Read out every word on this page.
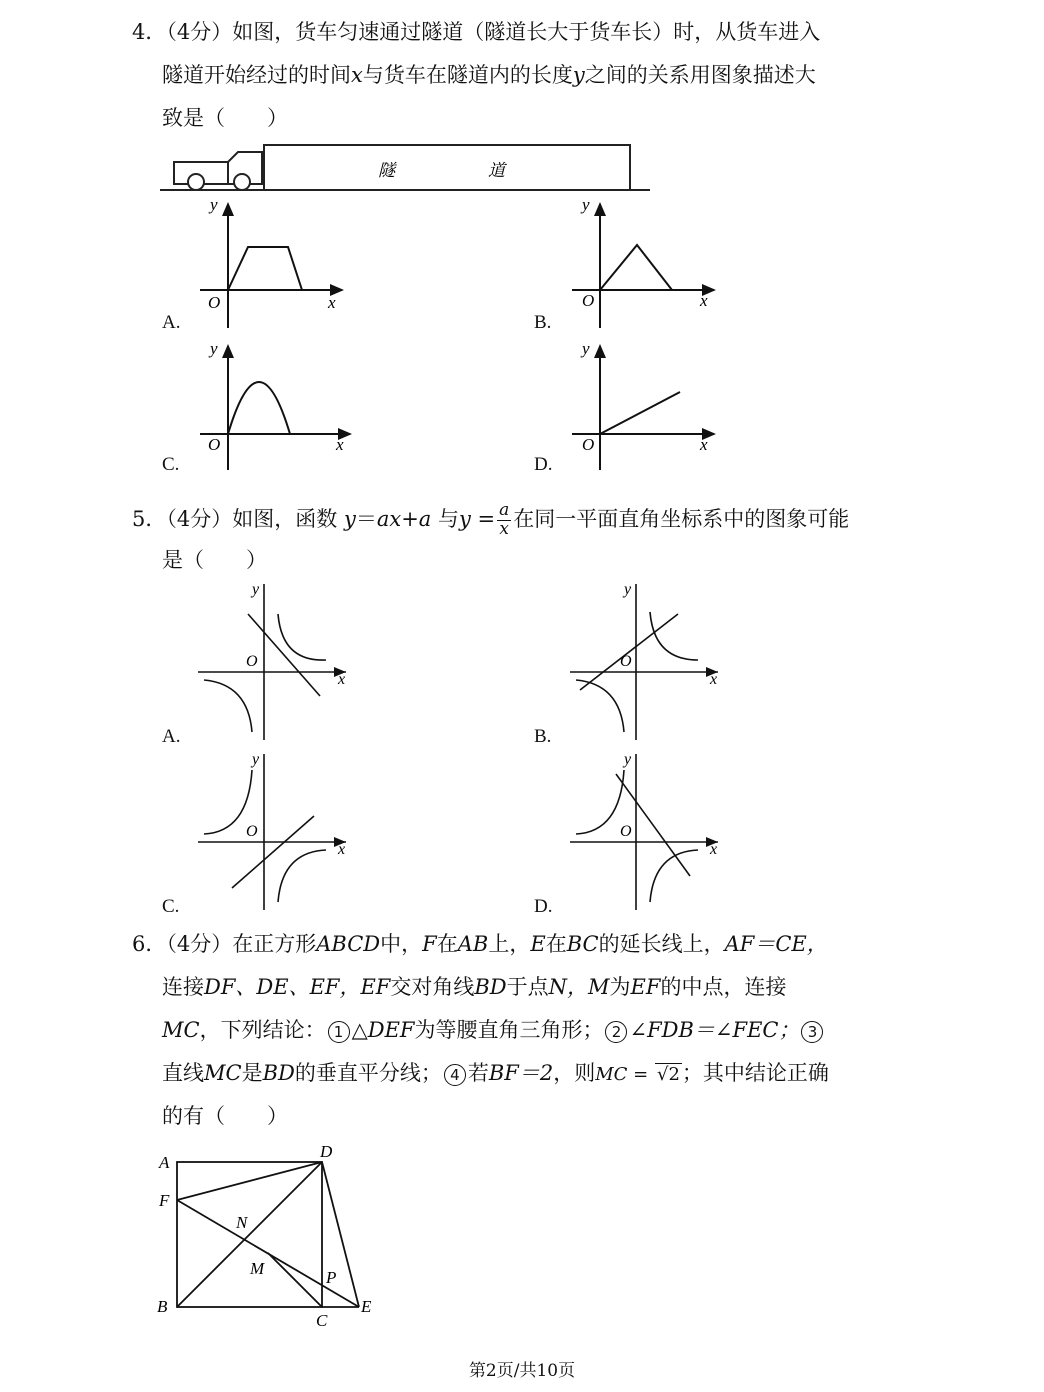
4．（4分）如图，货车匀速通过隧道（隧道长大于货车长）时，从货车进入
隧道开始经过的时间x与货车在隧道内的长度y之间的关系用图象描述大
致是（　　）
隧	道
y
O	x
A.
y
O	x
B.
y
O	x
C.
y
O	x
D.
5．（4分）如图，函数 y＝ax+a 与$y = \frac{a}{x}$ 在同一平面直角坐标系中的图象可能
是（　　）
y
O
x
A.
y
O
x
B.
y
O
x
C.
y
O
x
D.
6．（4分）在正方形ABCD中，F在AB上，E在BC的延长线上，AF＝CE，
连接DF、DE、EF，EF交对角线BD于点N，M为EF的中点，连接
MC，下列结论： 1 △DEF为等腰直角三角形； 2 ∠FDB＝∠FEC； 3
直线MC是BD的垂直平分线； 4 若BF＝2，则MC = √2；其中结论正确
的有（　　）
A
D
F
N
M	P
B
C
E
第2页/共10页
